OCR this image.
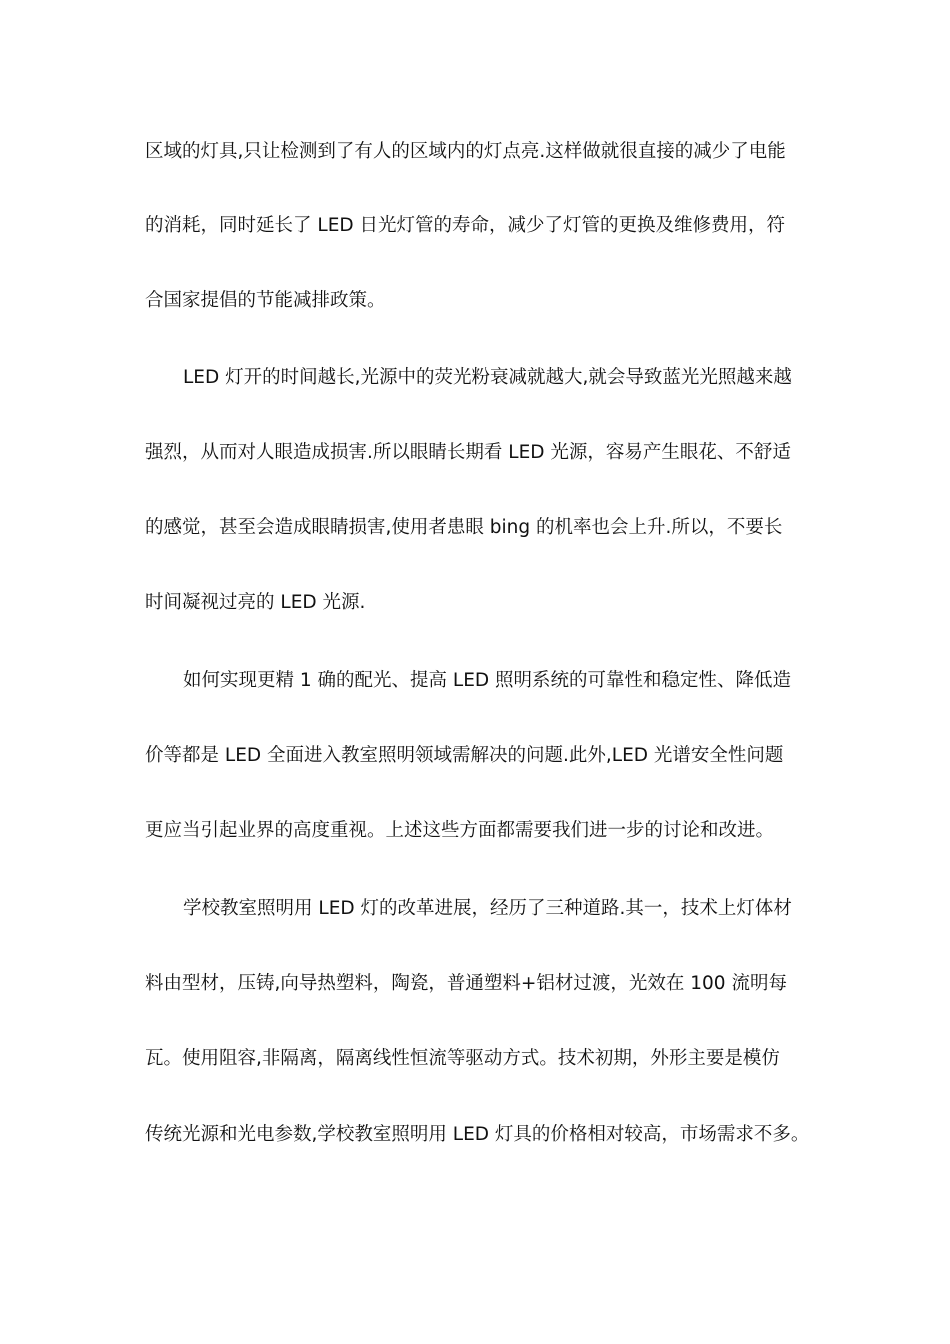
区域的灯具,只让检测到了有人的区域内的灯点亮.这样做就很直接的减少了电能
的消耗，同时延长了 LED 日光灯管的寿命，减少了灯管的更换及维修费用，符
合国家提倡的节能减排政策。
LED 灯开的时间越长,光源中的荧光粉衰减就越大,就会导致蓝光光照越来越
强烈，从而对人眼造成损害.所以眼睛长期看 LED 光源，容易产生眼花、不舒适
的感觉，甚至会造成眼睛损害,使用者患眼 bing 的机率也会上升.所以，不要长
时间凝视过亮的 LED 光源.
如何实现更精 1 确的配光、提高 LED 照明系统的可靠性和稳定性、降低造
价等都是 LED 全面进入教室照明领域需解决的问题.此外,LED 光谱安全性问题
更应当引起业界的高度重视。上述这些方面都需要我们进一步的讨论和改进。
学校教室照明用 LED 灯的改革进展，经历了三种道路.其一，技术上灯体材
料由型材，压铸,向导热塑料，陶瓷，普通塑料+铝材过渡，光效在 100 流明每
瓦。使用阻容,非隔离，隔离线性恒流等驱动方式。技术初期，外形主要是模仿
传统光源和光电参数,学校教室照明用 LED 灯具的价格相对较高，市场需求不多。
